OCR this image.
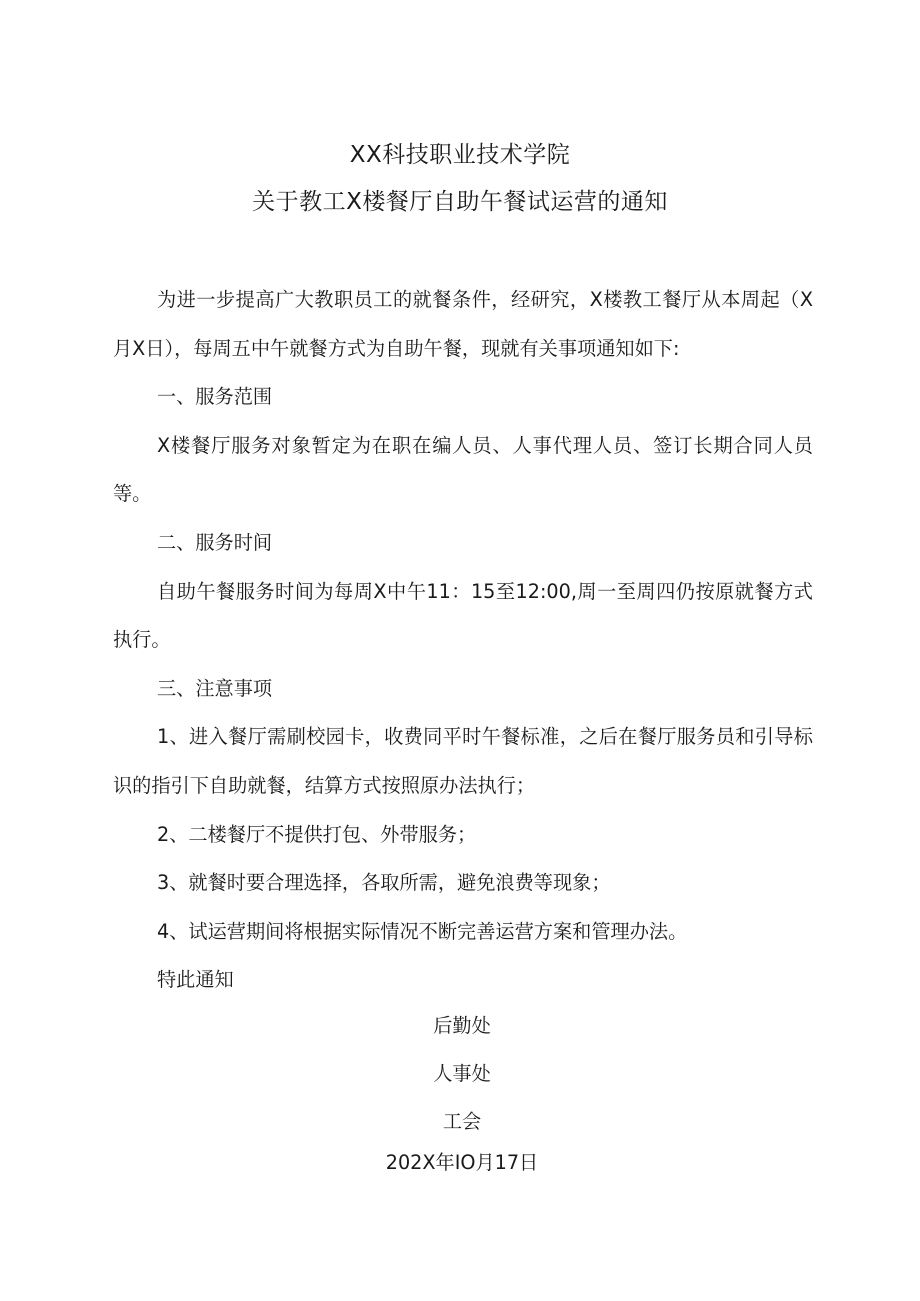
XX科技职业技术学院
关于教工X楼餐厅自助午餐试运营的通知

为进一步提高广大教职员工的就餐条件，经研究，X楼教工餐厅从本周起（X月X日），每周五中午就餐方式为自助午餐，现就有关事项通知如下:

一、服务范围

X楼餐厅服务对象暂定为在职在编人员、人事代理人员、签订长期合同人员等。

二、服务时间

自助午餐服务时间为每周X中午11：15至12:00,周一至周四仍按原就餐方式执行。

三、注意事项

1、进入餐厅需刷校园卡，收费同平时午餐标准，之后在餐厅服务员和引导标识的指引下自助就餐，结算方式按照原办法执行；

2、二楼餐厅不提供打包、外带服务；

3、就餐时要合理选择，各取所需，避免浪费等现象；

4、试运营期间将根据实际情况不断完善运营方案和管理办法。

特此通知

后勤处
人事处
工会
202X年IO月17日
